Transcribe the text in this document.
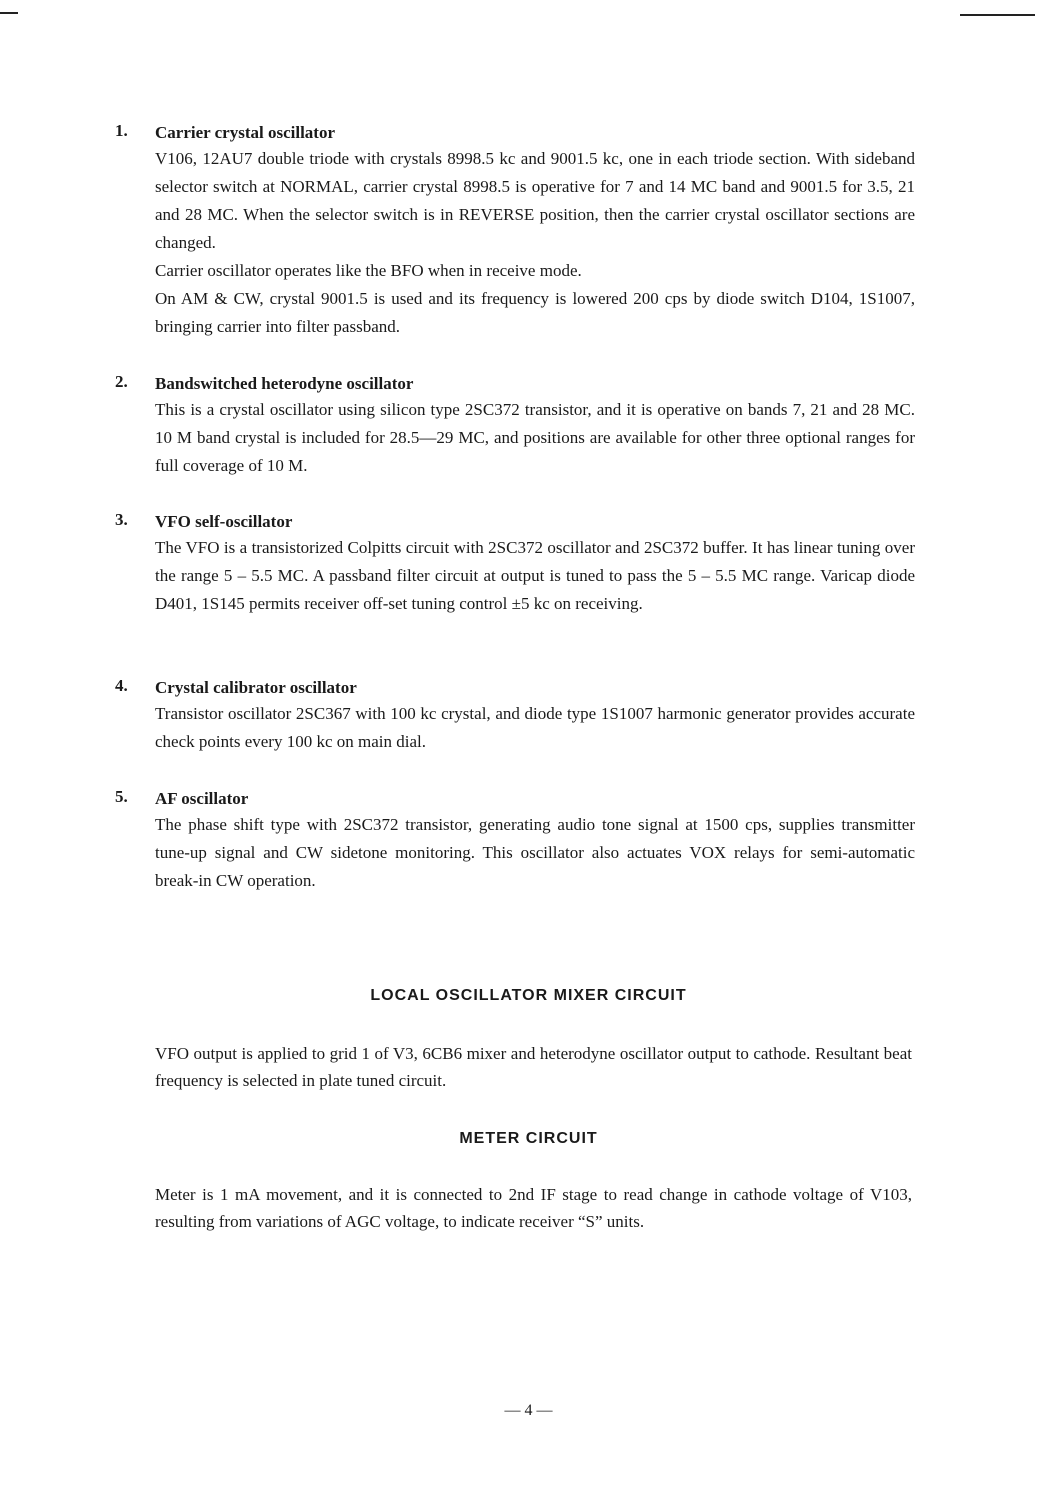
1. Carrier crystal oscillator

V106, 12AU7 double triode with crystals 8998.5 kc and 9001.5 kc, one in each triode section. With sideband selector switch at NORMAL, carrier crystal 8998.5 is operative for 7 and 14 MC band and 9001.5 for 3.5, 21 and 28 MC. When the selector switch is in REVERSE position, then the carrier crystal oscillator sections are changed.

Carrier oscillator operates like the BFO when in receive mode.

On AM & CW, crystal 9001.5 is used and its frequency is lowered 200 cps by diode switch D104, 1S1007, bringing carrier into filter passband.

2. Bandswitched heterodyne oscillator

This is a crystal oscillator using silicon type 2SC372 transistor, and it is operative on bands 7, 21 and 28 MC. 10 M band crystal is included for 28.5—29 MC, and positions are available for other three optional ranges for full coverage of 10 M.

3. VFO self-oscillator

The VFO is a transistorized Colpitts circuit with 2SC372 oscillator and 2SC372 buffer. It has linear tuning over the range 5 – 5.5 MC. A passband filter circuit at output is tuned to pass the 5 – 5.5 MC range. Varicap diode D401, 1S145 permits receiver off-set tuning control ±5 kc on receiving.

4. Crystal calibrator oscillator

Transistor oscillator 2SC367 with 100 kc crystal, and diode type 1S1007 harmonic generator provides accurate check points every 100 kc on main dial.

5. AF oscillator

The phase shift type with 2SC372 transistor, generating audio tone signal at 1500 cps, supplies transmitter tune-up signal and CW sidetone monitoring. This oscillator also actuates VOX relays for semi-automatic break-in CW operation.

LOCAL OSCILLATOR MIXER CIRCUIT

VFO output is applied to grid 1 of V3, 6CB6 mixer and heterodyne oscillator output to cathode. Resultant beat frequency is selected in plate tuned circuit.

METER CIRCUIT

Meter is 1 mA movement, and it is connected to 2nd IF stage to read change in cathode voltage of V103, resulting from variations of AGC voltage, to indicate receiver “S” units.

— 4 —
